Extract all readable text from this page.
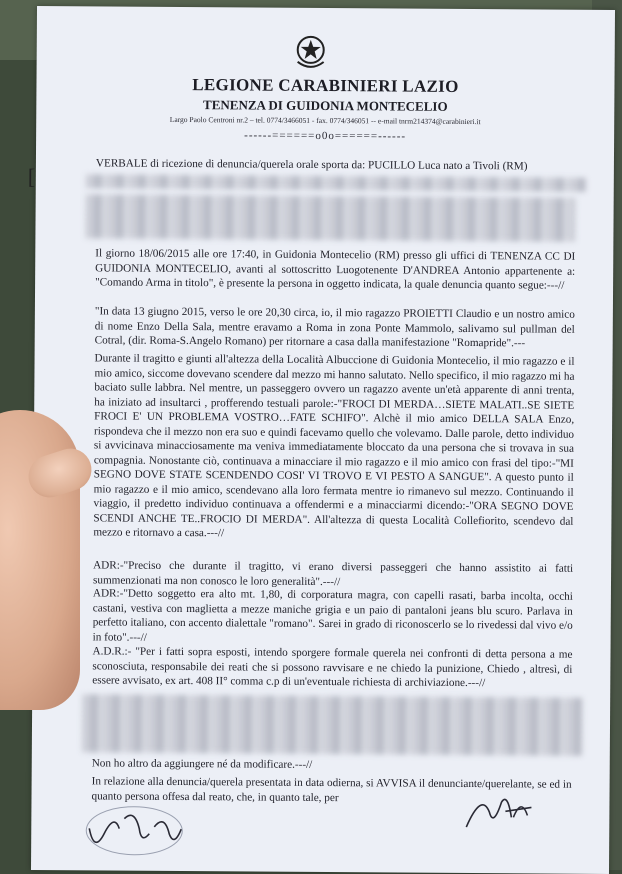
LEGIONE CARABINIERI LAZIO
TENENZA DI GUIDONIA MONTECELIO
Largo Paolo Centroni nr.2 – tel. 0774/3466051 - fax. 0774/346051 -- e-mail tnrm214374@carabinieri.it
------======o0o======------
[	VERBALE di ricezione di denuncia/querela orale sporta da: PUCILLO Luca nato a Tivoli (RM)
Il giorno 18/06/2015 alle ore 17:40, in Guidonia Montecelio (RM) presso gli uffici di TENENZA CC DI GUIDONIA MONTECELIO, avanti al sottoscritto Luogotenente D'ANDREA Antonio appartenente a: "Comando Arma in titolo", è presente la persona in oggetto indicata, la quale denuncia quanto segue:---//
"In data 13 giugno 2015, verso le ore 20,30 circa, io, il mio ragazzo PROIETTI Claudio e un nostro amico di nome Enzo Della Sala, mentre eravamo a Roma in zona Ponte Mammolo, salivamo sul pullman del Cotral, (dir. Roma-S.Angelo Romano) per ritornare a casa dalla manifestazione "Romapride".---
Durante il tragitto e giunti all'altezza della Località Albuccione di Guidonia Montecelio, il mio ragazzo e il mio amico, siccome dovevano scendere dal mezzo mi hanno salutato. Nello specifico, il mio ragazzo mi ha baciato sulle labbra. Nel mentre, un passeggero ovvero un ragazzo avente un'età apparente di anni trenta, ha iniziato ad insultarci , profferendo testuali parole:-"FROCI DI MERDA…SIETE MALATI..SE SIETE FROCI E' UN PROBLEMA VOSTRO…FATE SCHIFO". Alchè il mio amico DELLA SALA Enzo, rispondeva che il mezzo non era suo e quindi facevamo quello che volevamo. Dalle parole, detto individuo si avvicinava minacciosamente ma veniva immediatamente bloccato da una persona che si trovava in sua compagnia. Nonostante ciò, continuava a minacciare il mio ragazzo e il mio amico con frasi del tipo:-"MI SEGNO DOVE STATE SCENDENDO COSI' VI TROVO E VI PESTO A SANGUE". A questo punto il mio ragazzo e il mio amico, scendevano alla loro fermata mentre io rimanevo sul mezzo. Continuando il viaggio, il predetto individuo continuava a offendermi e a minacciarmi dicendo:-"ORA SEGNO DOVE SCENDI ANCHE TE..FROCIO DI MERDA". All'altezza di questa Località Collefiorito, scendevo dal mezzo e ritornavo a casa.---//
ADR:-"Preciso che durante il tragitto, vi erano diversi passeggeri che hanno assistito ai fatti summenzionati ma non conosco le loro generalità".---//
ADR:-"Detto soggetto era alto mt. 1,80, di corporatura magra, con capelli rasati, barba incolta, occhi castani, vestiva con maglietta a mezze maniche grigia e un paio di pantaloni jeans blu scuro. Parlava in perfetto italiano, con accento dialettale "romano". Sarei in grado di riconoscerlo se lo rivedessi dal vivo e/o in foto".---//
A.D.R.:- "Per i fatti sopra esposti, intendo sporgere formale querela nei confronti di detta persona a me sconosciuta, responsabile dei reati che si possono ravvisare e ne chiedo la punizione, Chiedo , altresì, di essere avvisato, ex art. 408 II° comma c.p di un'eventuale richiesta di archiviazione.---//
Non ho altro da aggiungere né da modificare.---//
In relazione alla denuncia/querela presentata in data odierna, si AVVISA il denunciante/querelante, se ed in quanto persona offesa dal reato, che, in quanto tale, per
